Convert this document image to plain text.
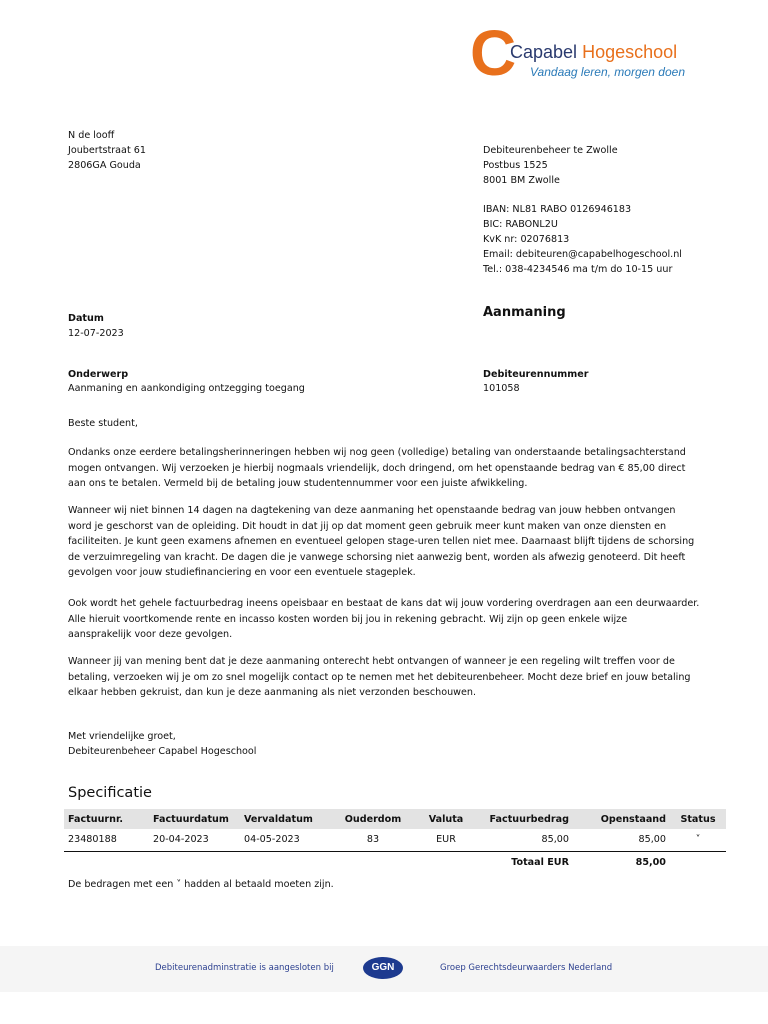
C
Capabel Hogeschool
Vandaag leren, morgen doen
N de looff
Joubertstraat 61
2806GA Gouda
Debiteurenbeheer te Zwolle
Postbus 1525
8001 BM Zwolle
IBAN: NL81 RABO 0126946183
BIC: RABONL2U
KvK nr: 02076813
Email: debiteuren@capabelhogeschool.nl
Tel.: 038-4234546 ma t/m do 10-15 uur
Datum
12-07-2023
Aanmaning
Onderwerp
Aanmaning en aankondiging ontzegging toegang
Debiteurennummer
101058
Beste student,
Ondanks onze eerdere betalingsherinneringen hebben wij nog geen (volledige) betaling van onderstaande betalingsachterstand
mogen ontvangen. Wij verzoeken je hierbij nogmaals vriendelijk, doch dringend, om het openstaande bedrag van € 85,00 direct
aan ons te betalen. Vermeld bij de betaling jouw studentennummer voor een juiste afwikkeling.
Wanneer wij niet binnen 14 dagen na dagtekening van deze aanmaning het openstaande bedrag van jouw hebben ontvangen
word je geschorst van de opleiding. Dit houdt in dat jij op dat moment geen gebruik meer kunt maken van onze diensten en
faciliteiten. Je kunt geen examens afnemen en eventueel gelopen stage-uren tellen niet mee. Daarnaast blijft tijdens de schorsing
de verzuimregeling van kracht. De dagen die je vanwege schorsing niet aanwezig bent, worden als afwezig genoteerd. Dit heeft
gevolgen voor jouw studiefinanciering en voor een eventuele stageplek.
Ook wordt het gehele factuurbedrag ineens opeisbaar en bestaat de kans dat wij jouw vordering overdragen aan een deurwaarder.
Alle hieruit voortkomende rente en incasso kosten worden bij jou in rekening gebracht. Wij zijn op geen enkele wijze
aansprakelijk voor deze gevolgen.
Wanneer jij van mening bent dat je deze aanmaning onterecht hebt ontvangen of wanneer je een regeling wilt treffen voor de
betaling, verzoeken wij je om zo snel mogelijk contact op te nemen met het debiteurenbeheer. Mocht deze brief en jouw betaling
elkaar hebben gekruist, dan kun je deze aanmaning als niet verzonden beschouwen.
Met vriendelijke groet,
Debiteurenbeheer Capabel Hogeschool
Specificatie
Factuurnr.	Factuurdatum	Vervaldatum	Ouderdom	Valuta	Factuurbedrag	Openstaand	Status
23480188	20-04-2023	04-05-2023	83	EUR	85,00	85,00	˅
					Totaal EUR	85,00	
De bedragen met een ˅ hadden al betaald moeten zijn.
Debiteurenadminstratie is aangesloten bij	GGN	Groep Gerechtsdeurwaarders Nederland
